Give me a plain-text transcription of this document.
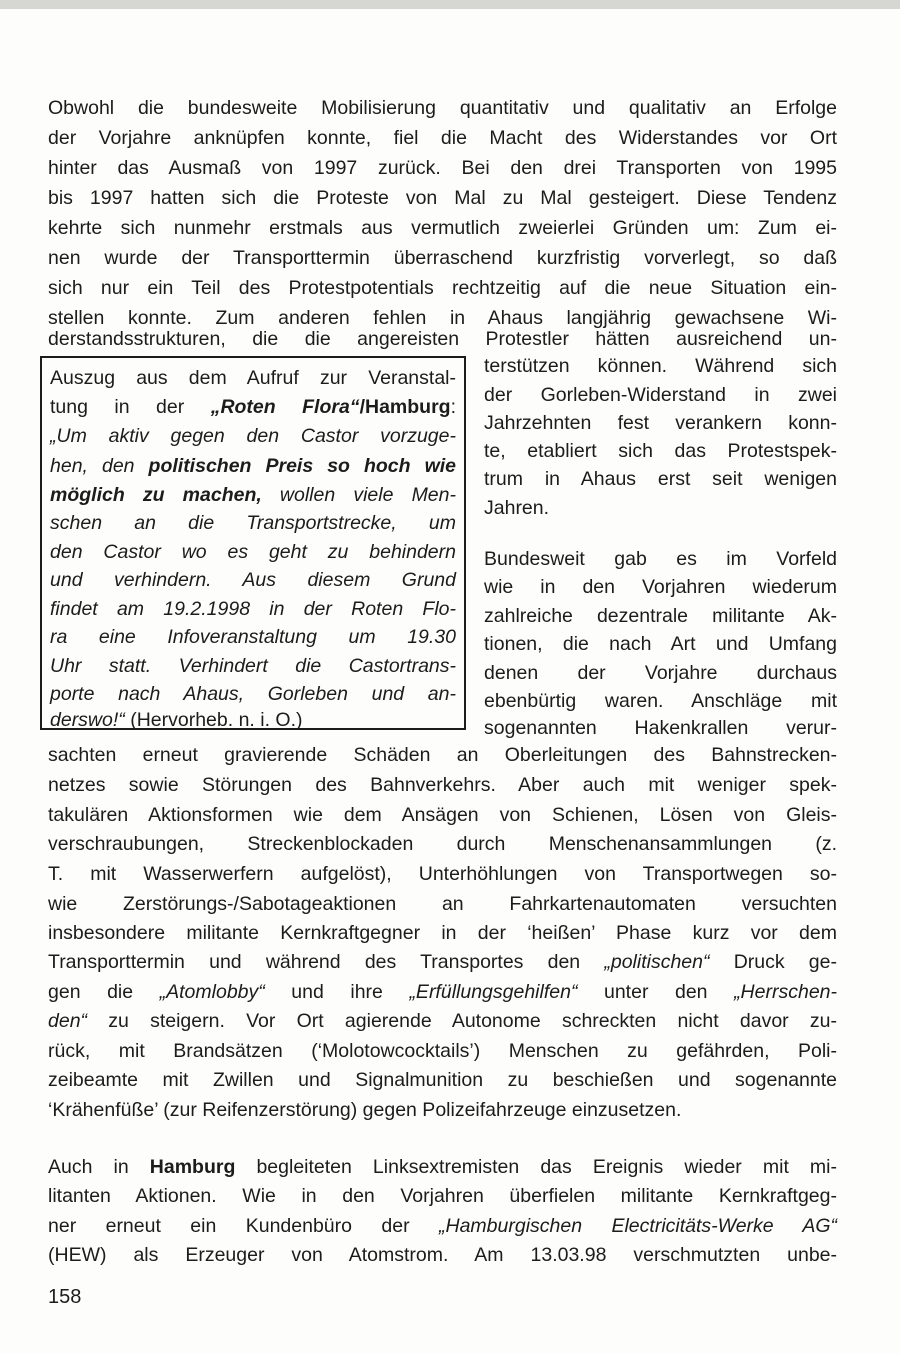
Obwohl die bundesweite Mobilisierung quantitativ und qualitativ an Erfolge
der Vorjahre anknüpfen konnte, fiel die Macht des Widerstandes vor Ort
hinter das Ausmaß von 1997 zurück. Bei den drei Transporten von 1995
bis 1997 hatten sich die Proteste von Mal zu Mal gesteigert. Diese Tendenz
kehrte sich nunmehr erstmals aus vermutlich zweierlei Gründen um: Zum ei-
nen wurde der Transporttermin überraschend kurzfristig vorverlegt, so daß
sich nur ein Teil des Protestpotentials rechtzeitig auf die neue Situation ein-
stellen konnte. Zum anderen fehlen in Ahaus langjährig gewachsene Wi-
derstandsstrukturen, die die angereisten Protestler hätten ausreichend un-
terstützen können. Während sich
der Gorleben-Widerstand in zwei
Jahrzehnten fest verankern konn-
te, etabliert sich das Protestspek-
trum in Ahaus erst seit wenigen
Jahren.
Auszug aus dem Aufruf zur Veranstal-
tung in der „Roten Flora“/Hamburg:
„Um aktiv gegen den Castor vorzuge-
hen, den politischen Preis so hoch wie
möglich zu machen, wollen viele Men-
schen an die Transportstrecke, um
den Castor wo es geht zu behindern
und verhindern. Aus diesem Grund
findet am 19.2.1998 in der Roten Flo-
ra eine Infoveranstaltung um 19.30
Uhr statt. Verhindert die Castortrans-
porte nach Ahaus, Gorleben und an-
derswo!“ (Hervorheb. n. i. O.)
Bundesweit gab es im Vorfeld
wie in den Vorjahren wiederum
zahlreiche dezentrale militante Ak-
tionen, die nach Art und Umfang
denen der Vorjahre durchaus
ebenbürtig waren. Anschläge mit
sogenannten Hakenkrallen verur-
sachten erneut gravierende Schäden an Oberleitungen des Bahnstrecken-
netzes sowie Störungen des Bahnverkehrs. Aber auch mit weniger spek-
takulären Aktionsformen wie dem Ansägen von Schienen, Lösen von Gleis-
verschraubungen, Streckenblockaden durch Menschenansammlungen (z.
T. mit Wasserwerfern aufgelöst), Unterhöhlungen von Transportwegen so-
wie Zerstörungs-/Sabotageaktionen an Fahrkartenautomaten versuchten
insbesondere militante Kernkraftgegner in der ‘heißen’ Phase kurz vor dem
Transporttermin und während des Transportes den „politischen“ Druck ge-
gen die „Atomlobby“ und ihre „Erfüllungsgehilfen“ unter den „Herrschen-
den“ zu steigern. Vor Ort agierende Autonome schreckten nicht davor zu-
rück, mit Brandsätzen (‘Molotowcocktails’) Menschen zu gefährden, Poli-
zeibeamte mit Zwillen und Signalmunition zu beschießen und sogenannte
‘Krähenfüße’ (zur Reifenzerstörung) gegen Polizeifahrzeuge einzusetzen.
Auch in Hamburg begleiteten Linksextremisten das Ereignis wieder mit mi-
litanten Aktionen. Wie in den Vorjahren überfielen militante Kernkraftgeg-
ner erneut ein Kundenbüro der „Hamburgischen Electricitäts-Werke AG“
(HEW) als Erzeuger von Atomstrom. Am 13.03.98 verschmutzten unbe-
158
